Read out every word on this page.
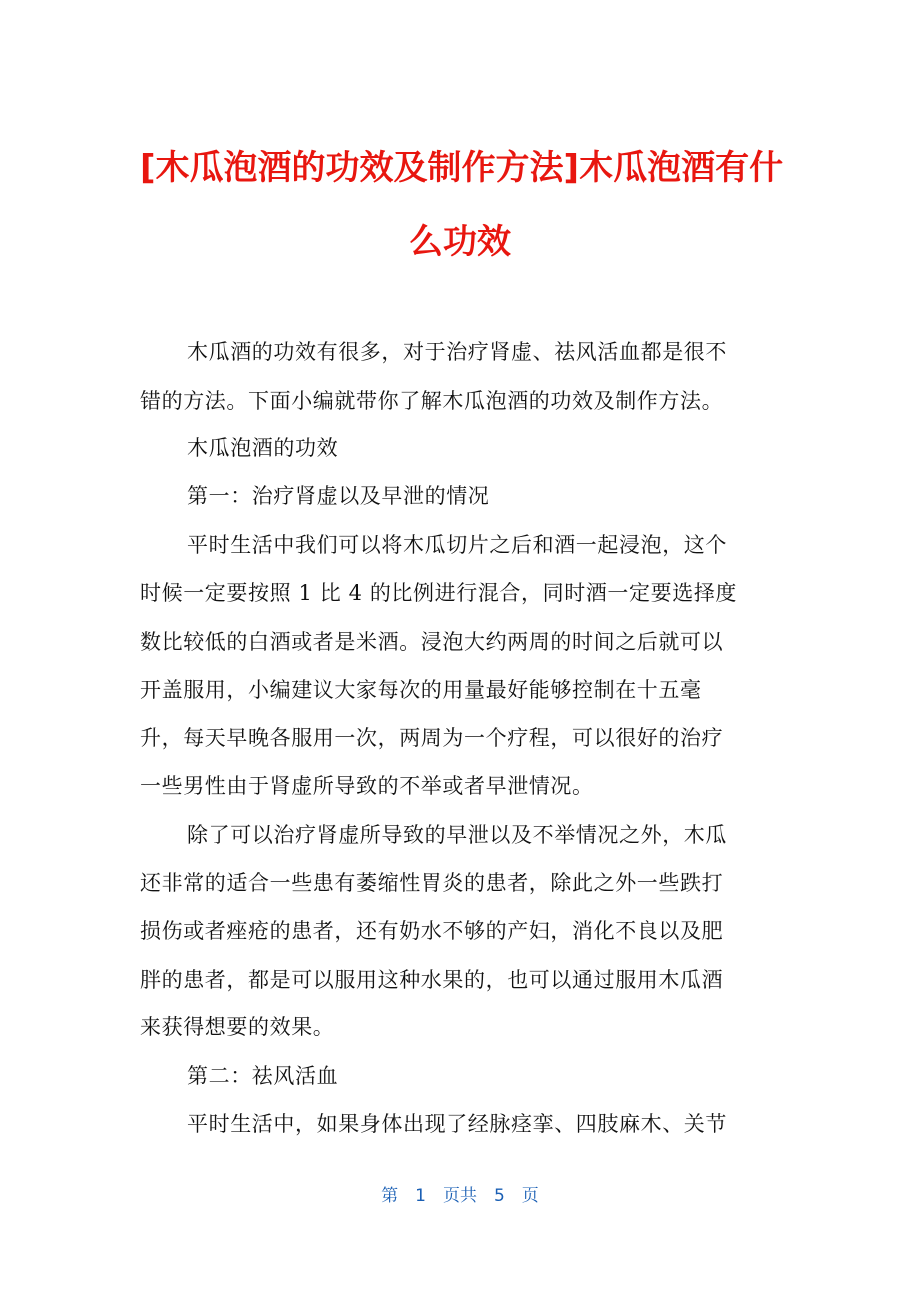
[木瓜泡酒的功效及制作方法]木瓜泡酒有什
么功效
木瓜酒的功效有很多，对于治疗肾虚、祛风活血都是很不
错的方法。下面小编就带你了解木瓜泡酒的功效及制作方法。
木瓜泡酒的功效
第一：治疗肾虚以及早泄的情况
平时生活中我们可以将木瓜切片之后和酒一起浸泡，这个
时候一定要按照 1 比 4 的比例进行混合，同时酒一定要选择度
数比较低的白酒或者是米酒。浸泡大约两周的时间之后就可以
开盖服用，小编建议大家每次的用量最好能够控制在十五毫
升，每天早晚各服用一次，两周为一个疗程，可以很好的治疗
一些男性由于肾虚所导致的不举或者早泄情况。
除了可以治疗肾虚所导致的早泄以及不举情况之外，木瓜
还非常的适合一些患有萎缩性胃炎的患者，除此之外一些跌打
损伤或者痤疮的患者，还有奶水不够的产妇，消化不良以及肥
胖的患者，都是可以服用这种水果的，也可以通过服用木瓜酒
来获得想要的效果。
第二：祛风活血
平时生活中，如果身体出现了经脉痉挛、四肢麻木、关节
第　1　页共　5　页
